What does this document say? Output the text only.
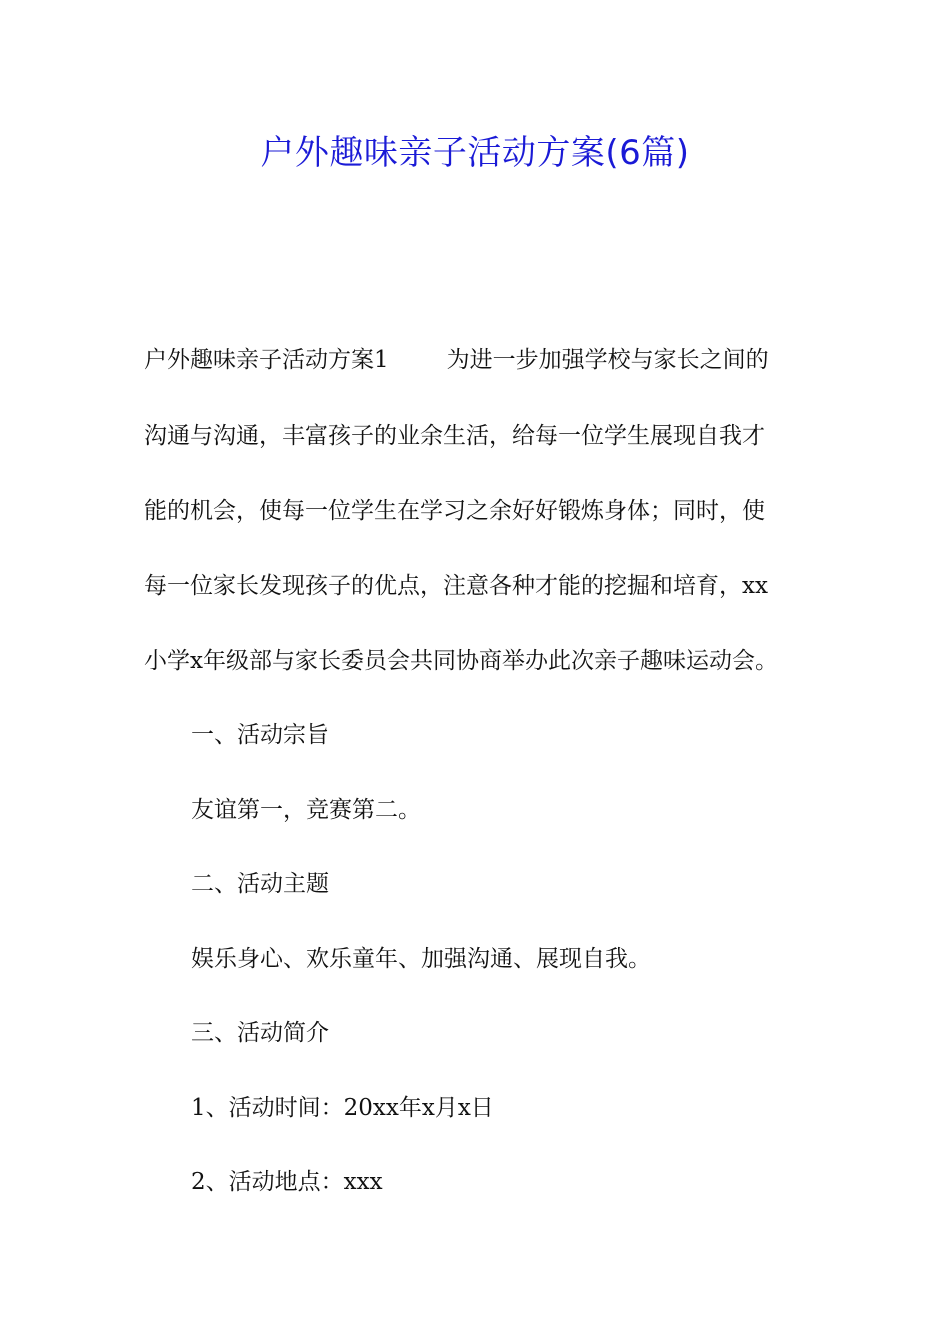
户外趣味亲子活动方案(6篇)
户外趣味亲子活动方案1	为进一步加强学校与家长之间的
沟通与沟通，丰富孩子的业余生活，给每一位学生展现自我才
能的机会，使每一位学生在学习之余好好锻炼身体；同时，使
每一位家长发现孩子的优点，注意各种才能的挖掘和培育，xx
小学x年级部与家长委员会共同协商举办此次亲子趣味运动会。
一、活动宗旨
友谊第一，竞赛第二。
二、活动主题
娱乐身心、欢乐童年、加强沟通、展现自我。
三、活动简介
1、活动时间：20xx年x月x日
2、活动地点：xxx
